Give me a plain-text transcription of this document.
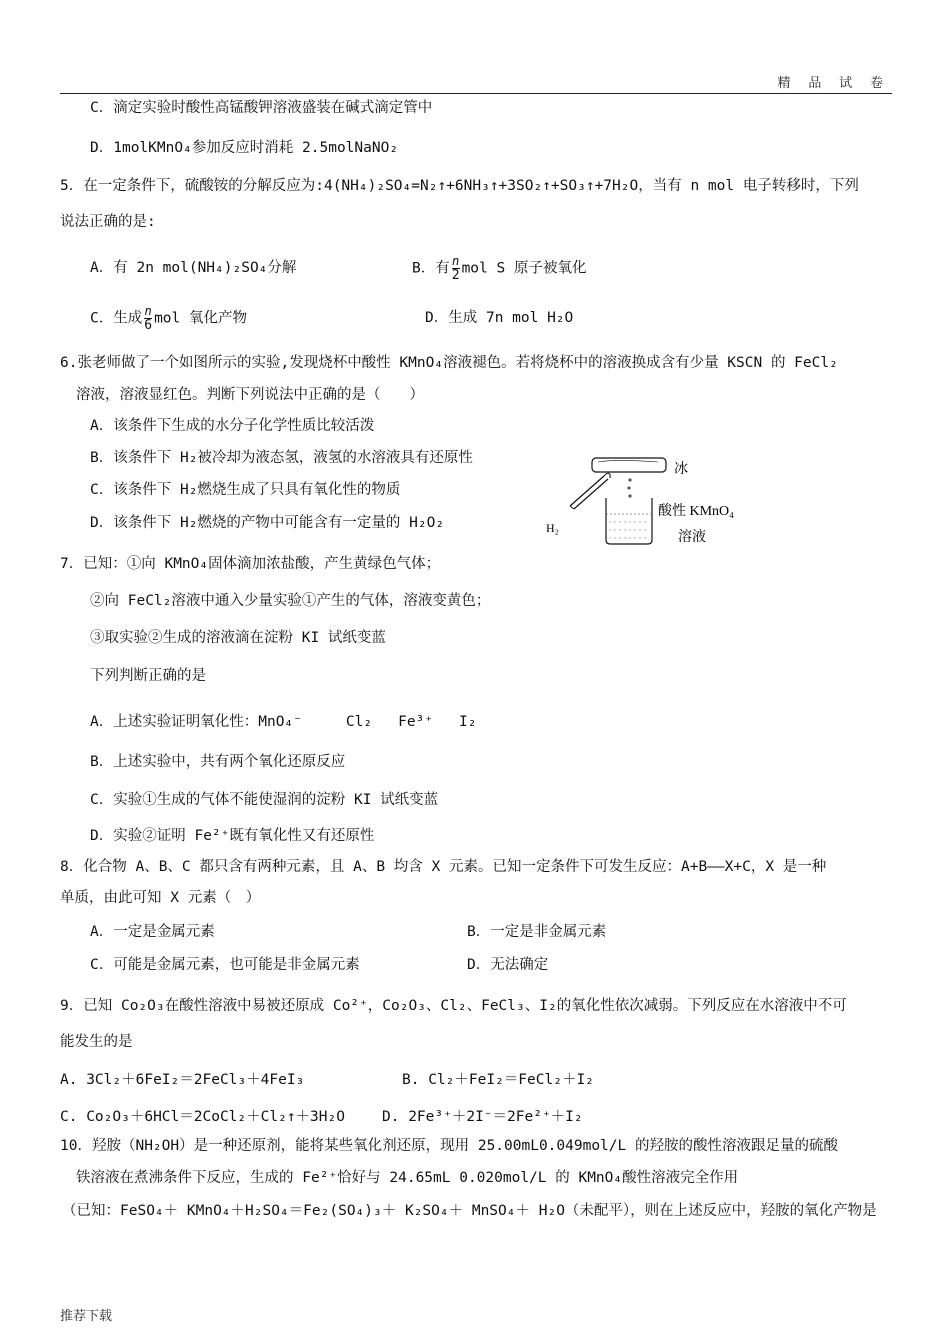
精 品 试 卷
C．滴定实验时酸性高锰酸钾溶液盛装在碱式滴定管中
D．1molKMnO₄参加反应时消耗 2.5molNaNO₂
5．在一定条件下，硫酸铵的分解反应为:4(NH₄)₂SO₄=N₂↑+6NH₃↑+3SO₂↑+SO₃↑+7H₂O，当有 n mol 电子转移时，下列
说法正确的是:
A．有 2n mol(NH₄)₂SO₄分解	B．有 $\frac{n}{2}$ mol S 原子被氧化
C．生成 $\frac{n}{6}$ mol 氧化产物	D．生成 7n mol H₂O
6.张老师做了一个如图所示的实验,发现烧杯中酸性 KMnO₄溶液褪色。若将烧杯中的溶液换成含有少量 KSCN 的 FeCl₂
溶液，溶液显红色。判断下列说法中正确的是（　　）
A．该条件下生成的水分子化学性质比较活泼
B．该条件下 H₂被冷却为液态氢，液氢的水溶液具有还原性
C．该条件下 H₂燃烧生成了只具有氧化性的物质
D．该条件下 H₂燃烧的产物中可能含有一定量的 H₂O₂
冰
酸性 KMnO₄
溶液
H₂
7．已知：①向 KMnO₄固体滴加浓盐酸，产生黄绿色气体；
②向 FeCl₂溶液中通入少量实验①产生的气体，溶液变黄色；
③取实验②生成的溶液滴在淀粉 KI 试纸变蓝
下列判断正确的是
A．上述实验证明氧化性：MnO₄⁻	Cl₂ Fe³⁺ I₂
B．上述实验中，共有两个氧化还原反应
C．实验①生成的气体不能使湿润的淀粉 KI 试纸变蓝
D．实验②证明 Fe²⁺既有氧化性又有还原性
8．化合物 A、B、C 都只含有两种元素，且 A、B 均含 X 元素。已知一定条件下可发生反应：A+B——X+C，X 是一种
单质，由此可知 X 元素（　）
A．一定是金属元素	B．一定是非金属元素
C．可能是金属元素，也可能是非金属元素	D．无法确定
9．已知 Co₂O₃在酸性溶液中易被还原成 Co²⁺，Co₂O₃、Cl₂、FeCl₃、I₂的氧化性依次减弱。下列反应在水溶液中不可
能发生的是
A. 3Cl₂＋6FeI₂＝2FeCl₃＋4FeI₃	B. Cl₂＋FeI₂＝FeCl₂＋I₂
C. Co₂O₃＋6HCl＝2CoCl₂＋Cl₂↑＋3H₂O	D. 2Fe³⁺＋2I⁻＝2Fe²⁺＋I₂
10．羟胺（NH₂OH）是一种还原剂，能将某些氧化剂还原，现用 25.00mL0.049mol/L 的羟胺的酸性溶液跟足量的硫酸
铁溶液在煮沸条件下反应，生成的 Fe²⁺恰好与 24.65mL 0.020mol/L 的 KMnO₄酸性溶液完全作用
（已知：FeSO₄＋ KMnO₄＋H₂SO₄＝Fe₂(SO₄)₃＋ K₂SO₄＋ MnSO₄＋ H₂O（未配平），则在上述反应中，羟胺的氧化产物是
推荐下载
